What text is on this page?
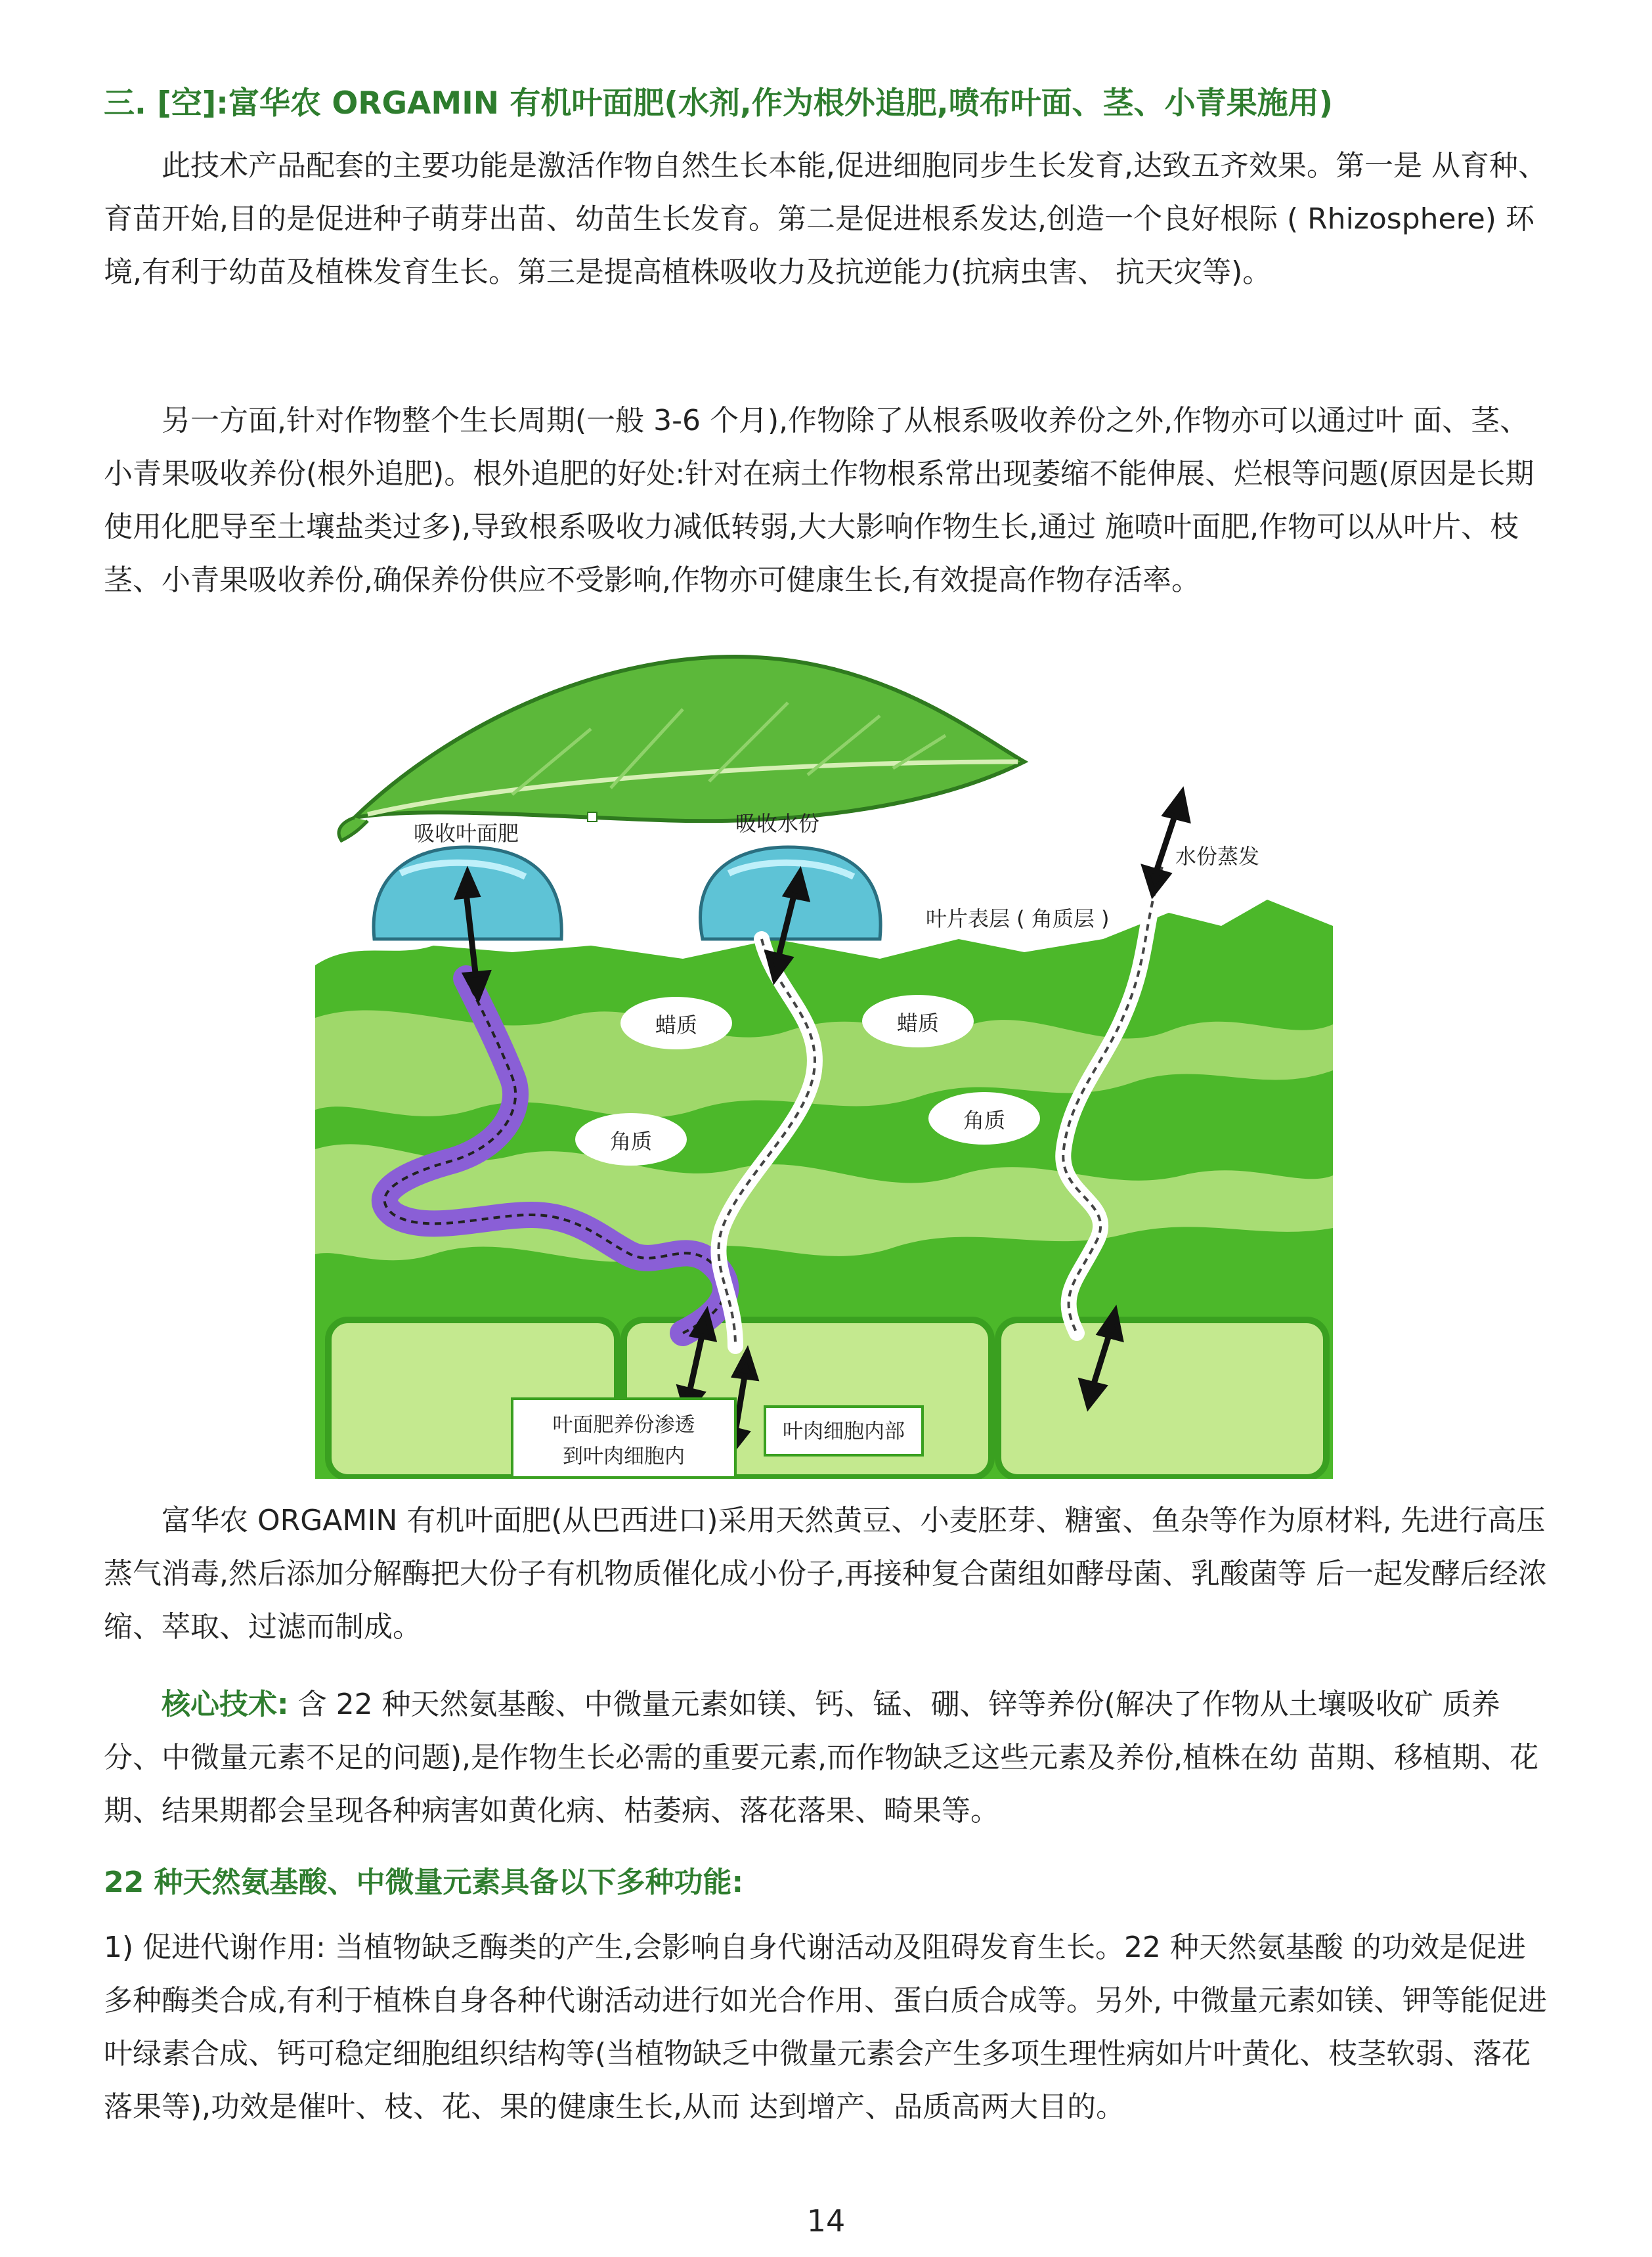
三. [空]:富华农 ORGAMIN 有机叶面肥(水剂,作为根外追肥,喷布叶面、茎、小青果施用)

此技术产品配套的主要功能是激活作物自然生长本能,促进细胞同步生长发育,达致五齐效果。第一是 从育种、育苗开始,目的是促进种子萌芽出苗、幼苗生长发育。第二是促进根系发达,创造一个良好根际 ( Rhizosphere) 环境,有利于幼苗及植株发育生长。第三是提高植株吸收力及抗逆能力(抗病虫害、 抗天灾等)。

另一方面,针对作物整个生长周期(一般 3-6 个月),作物除了从根系吸收养份之外,作物亦可以通过叶 面、茎、小青果吸收养份(根外追肥)。根外追肥的好处:针对在病土作物根系常出现萎缩不能伸展、烂根等问题(原因是长期使用化肥导至土壤盐类过多),导致根系吸收力减低转弱,大大影响作物生长,通过 施喷叶面肥,作物可以从叶片、枝茎、小青果吸收养份,确保养份供应不受影响,作物亦可健康生长,有效提高作物存活率。

蜡质	蜡质
角质
角质
吸收叶面肥	吸收水份
水份蒸发
叶片表层 ( 角质层 )
叶面肥养份渗透
到叶肉细胞内
叶肉细胞内部

富华农 ORGAMIN 有机叶面肥(从巴西进口)采用天然黄豆、小麦胚芽、糖蜜、鱼杂等作为原材料, 先进行高压蒸气消毒,然后添加分解酶把大份子有机物质催化成小份子,再接种复合菌组如酵母菌、乳酸菌等 后一起发酵后经浓缩、萃取、过滤而制成。

核心技术: 含 22 种天然氨基酸、中微量元素如镁、钙、锰、硼、锌等养份(解决了作物从土壤吸收矿 质养分、中微量元素不足的问题),是作物生长必需的重要元素,而作物缺乏这些元素及养份,植株在幼 苗期、移植期、花期、结果期都会呈现各种病害如黄化病、枯萎病、落花落果、畸果等。

22 种天然氨基酸、中微量元素具备以下多种功能:

1) 促进代谢作用: 当植物缺乏酶类的产生,会影响自身代谢活动及阻碍发育生长。22 种天然氨基酸 的功效是促进多种酶类合成,有利于植株自身各种代谢活动进行如光合作用、蛋白质合成等。另外, 中微量元素如镁、钾等能促进叶绿素合成、钙可稳定细胞组织结构等(当植物缺乏中微量元素会产生多项生理性病如片叶黄化、枝茎软弱、落花落果等),功效是催叶、枝、花、果的健康生长,从而 达到增产、品质高两大目的。

14
